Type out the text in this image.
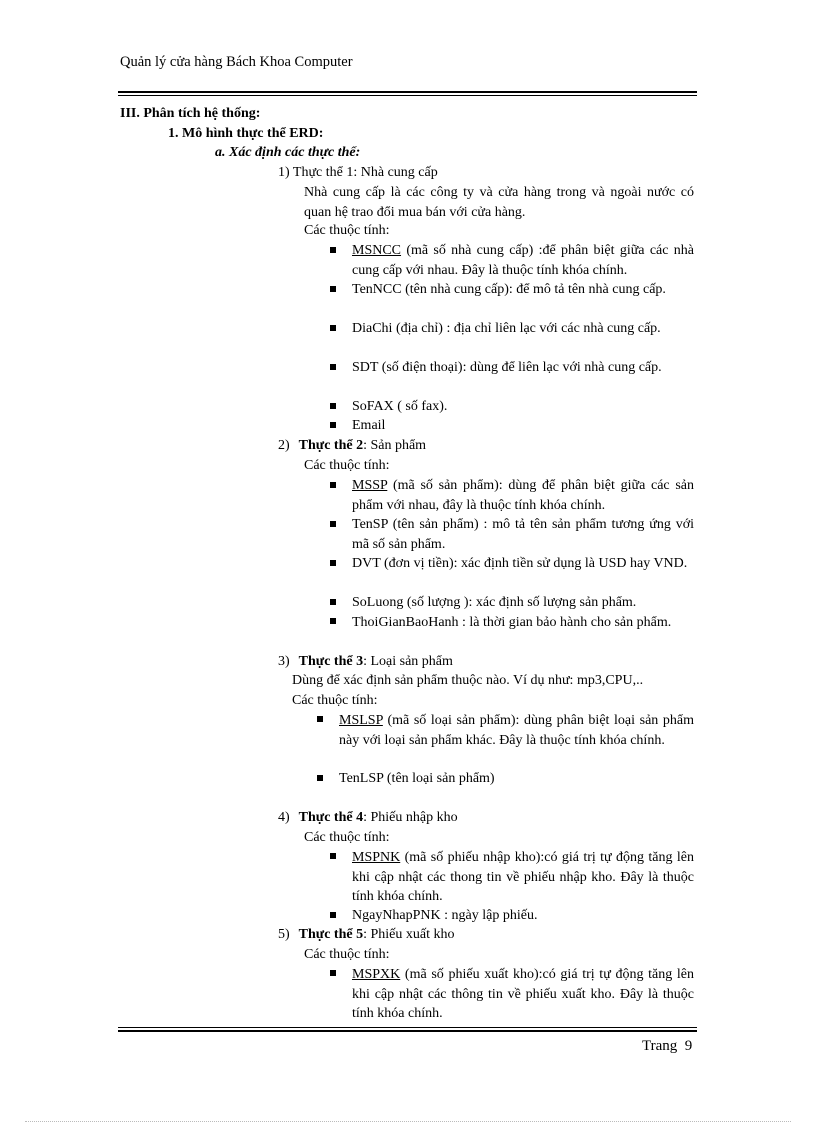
Quản lý cửa hàng Bách Khoa Computer
III. Phân tích hệ thống:
1. Mô hình thực thể ERD:
a. Xác định các thực thể:
1) Thực thể 1: Nhà cung cấp
Nhà cung cấp là các công ty và cửa hàng trong và ngoài nước có quan hệ trao đổi mua bán với cửa hàng.
Các thuộc tính:
MSNCC (mã số nhà cung cấp) :để phân biệt giữa các nhà cung cấp với nhau. Đây là thuộc tính khóa chính.
TenNCC (tên nhà cung cấp): để mô tả tên nhà cung cấp.
DiaChi (địa chỉ) : địa chỉ liên lạc với các nhà cung cấp.
SDT (số điện thoại): dùng để liên lạc với nhà cung cấp.
SoFAX ( số fax).
Email
2) Thực thể 2: Sản phẩm
Các thuộc tính:
MSSP (mã số sản phẩm): dùng để phân biệt giữa các sản phẩm với nhau, đây là thuộc tính khóa chính.
TenSP (tên sản phẩm) : mô tả tên sản phẩm tương ứng với mã số sản phẩm.
DVT (đơn vị tiền): xác định tiền sử dụng là USD hay VND.
SoLuong (số lượng ): xác định số lượng sản phẩm.
ThoiGianBaoHanh : là thời gian bảo hành cho sản phẩm.
3) Thực thể 3: Loại sản phẩm
Dùng để xác định sản phẩm thuộc nào. Ví dụ như: mp3,CPU,..
Các thuộc tính:
MSLSP (mã số loại sản phẩm): dùng phân biệt loại sản phẩm này với loại sản phẩm khác. Đây là thuộc tính khóa chính.
TenLSP (tên loại sản phẩm)
4) Thực thể 4: Phiếu nhập kho
Các thuộc tính:
MSPNK (mã số phiếu nhập kho):có giá trị tự động tăng lên khi cập nhật các thong tin về phiếu nhập kho. Đây là thuộc tính khóa chính.
NgayNhapPNK : ngày lập phiếu.
5) Thực thể 5: Phiếu xuất kho
Các thuộc tính:
MSPXK (mã số phiếu xuất kho):có giá trị tự động tăng lên khi cập nhật các thông tin về phiếu xuất kho. Đây là thuộc tính khóa chính.
Trang  9
